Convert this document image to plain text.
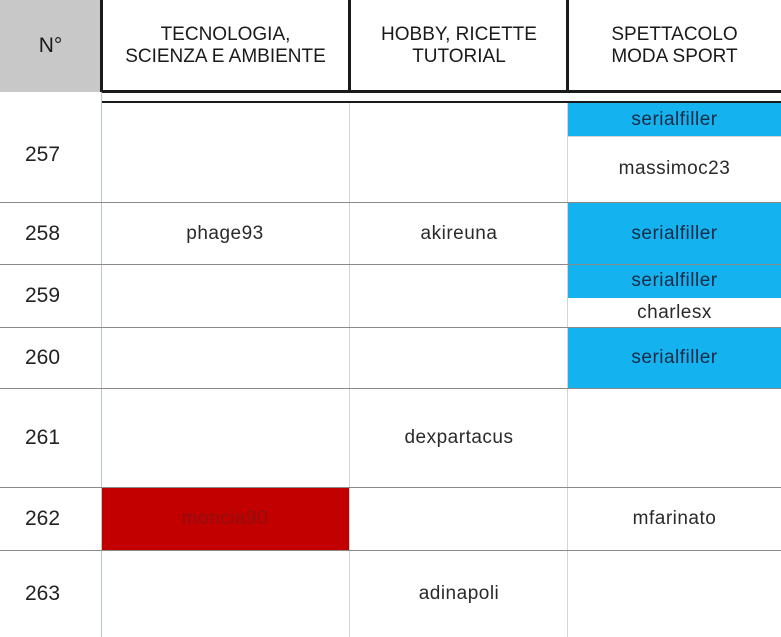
N°	TECNOLOGIA,
SCIENZA E AMBIENTE
HOBBY, RICETTE
TUTORIAL
SPETTACOLO
MODA SPORT
257
258
259
260
261
262
263
phage93
moncia90
akireuna
dexpartacus
adinapoli
serialfiller
massimoc23
serialfiller
serialfiller
charlesx
serialfiller
mfarinato
